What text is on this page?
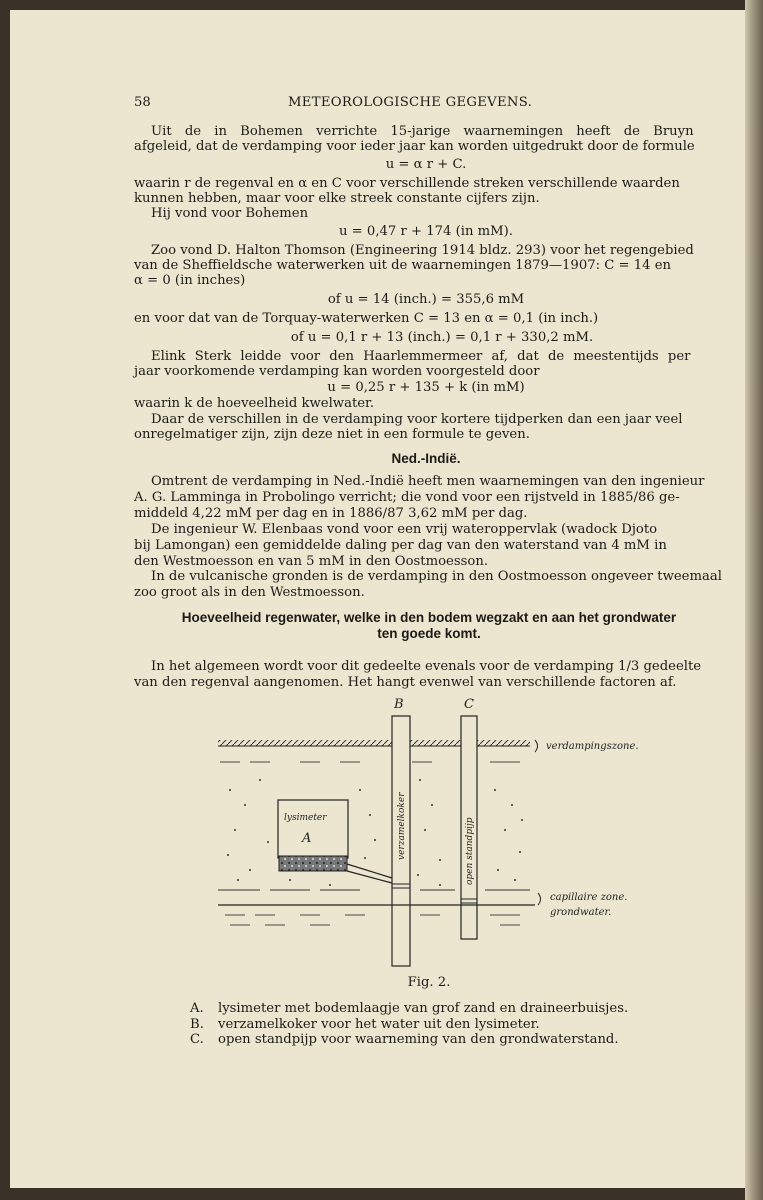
58	METEOROLOGISCHE GEGEVENS.
Uit de in Bohemen verrichte 15-jarige waarnemingen heeft de Bruyn
afgeleid, dat de verdamping voor ieder jaar kan worden uitgedrukt door de formule
u = α r + C.
waarin r de regenval en α en C voor verschillende streken verschillende waarden
kunnen hebben, maar voor elke streek constante cijfers zijn.
Hij vond voor Bohemen
u = 0,47 r + 174 (in mM).
Zoo vond D. Halton Thomson (Engineering 1914 bldz. 293) voor het regengebied
van de Sheffieldsche waterwerken uit de waarnemingen 1879—1907: C = 14 en
α = 0 (in inches)
of u = 14 (inch.) = 355,6 mM
en voor dat van de Torquay-waterwerken C = 13 en α = 0,1 (in inch.)
of u = 0,1 r + 13 (inch.) = 0,1 r + 330,2 mM.
Elink Sterk leidde voor den Haarlemmermeer af, dat de meestentijds per
jaar voorkomende verdamping kan worden voorgesteld door
u = 0,25 r + 135 + k (in mM)
waarin k de hoeveelheid kwelwater.
Daar de verschillen in de verdamping voor kortere tijdperken dan een jaar veel
onregelmatiger zijn, zijn deze niet in een formule te geven.
Ned.-Indië.
Omtrent de verdamping in Ned.-Indië heeft men waarnemingen van den ingenieur
A. G. Lamminga in Probolingo verricht; die vond voor een rijstveld in 1885/86 ge-
middeld 4,22 mM per dag en in 1886/87 3,62 mM per dag.
De ingenieur W. Elenbaas vond voor een vrij wateroppervlak (wadock Djoto
bij Lamongan) een gemiddelde daling per dag van den waterstand van 4 mM in
den Westmoesson en van 5 mM in den Oostmoesson.
In de vulcanische gronden is de verdamping in den Oostmoesson ongeveer tweemaal
zoo groot als in den Westmoesson.
Hoeveelheid regenwater, welke in den bodem wegzakt en aan het grondwater
ten goede komt.
In het algemeen wordt voor dit gedeelte evenals voor de verdamping 1/3 gedeelte
van den regenval aangenomen. Het hangt evenwel van verschillende factoren af.
lysimeter
A	verzamelkoker	open standpijp
B	C
verdampingszone.
capillaire zone.
grondwater.
Fig. 2.
A. lysimeter met bodemlaagje van grof zand en draineerbuisjes.
B. verzamelkoker voor het water uit den lysimeter.
C. open standpijp voor waarneming van den grondwaterstand.
